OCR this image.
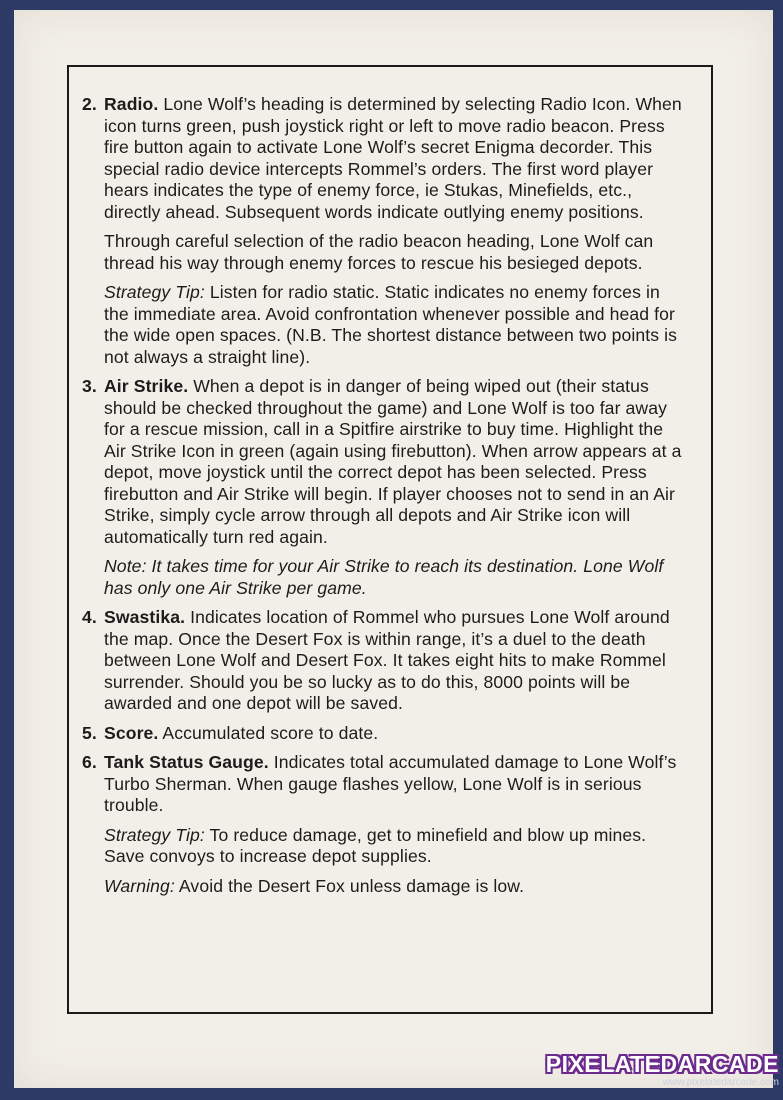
2. Radio. Lone Wolf’s heading is determined by selecting Radio Icon. When icon turns green, push joystick right or left to move radio beacon. Press fire button again to activate Lone Wolf’s secret Enigma decorder. This special radio device intercepts Rommel’s orders. The first word player hears indicates the type of enemy force, ie Stukas, Minefields, etc., directly ahead. Subsequent words indicate outlying enemy positions.
Through careful selection of the radio beacon heading, Lone Wolf can thread his way through enemy forces to rescue his besieged depots.
Strategy Tip: Listen for radio static. Static indicates no enemy forces in the immediate area. Avoid confrontation whenever possible and head for the wide open spaces. (N.B. The shortest distance between two points is not always a straight line).
3. Air Strike. When a depot is in danger of being wiped out (their status should be checked throughout the game) and Lone Wolf is too far away for a rescue mission, call in a Spitfire airstrike to buy time. Highlight the Air Strike Icon in green (again using firebutton). When arrow appears at a depot, move joystick until the correct depot has been selected. Press firebutton and Air Strike will begin. If player chooses not to send in an Air Strike, simply cycle arrow through all depots and Air Strike icon will automatically turn red again.
Note: It takes time for your Air Strike to reach its destination. Lone Wolf has only one Air Strike per game.
4. Swastika. Indicates location of Rommel who pursues Lone Wolf around the map. Once the Desert Fox is within range, it’s a duel to the death between Lone Wolf and Desert Fox. It takes eight hits to make Rommel surrender. Should you be so lucky as to do this, 8000 points will be awarded and one depot will be saved.
5. Score. Accumulated score to date.
6. Tank Status Gauge. Indicates total accumulated damage to Lone Wolf’s Turbo Sherman. When gauge flashes yellow, Lone Wolf is in serious trouble.
Strategy Tip: To reduce damage, get to minefield and blow up mines. Save convoys to increase depot supplies.
Warning: Avoid the Desert Fox unless damage is low.
PIXELATEDARCADE
www.pixelatedarcade.com
